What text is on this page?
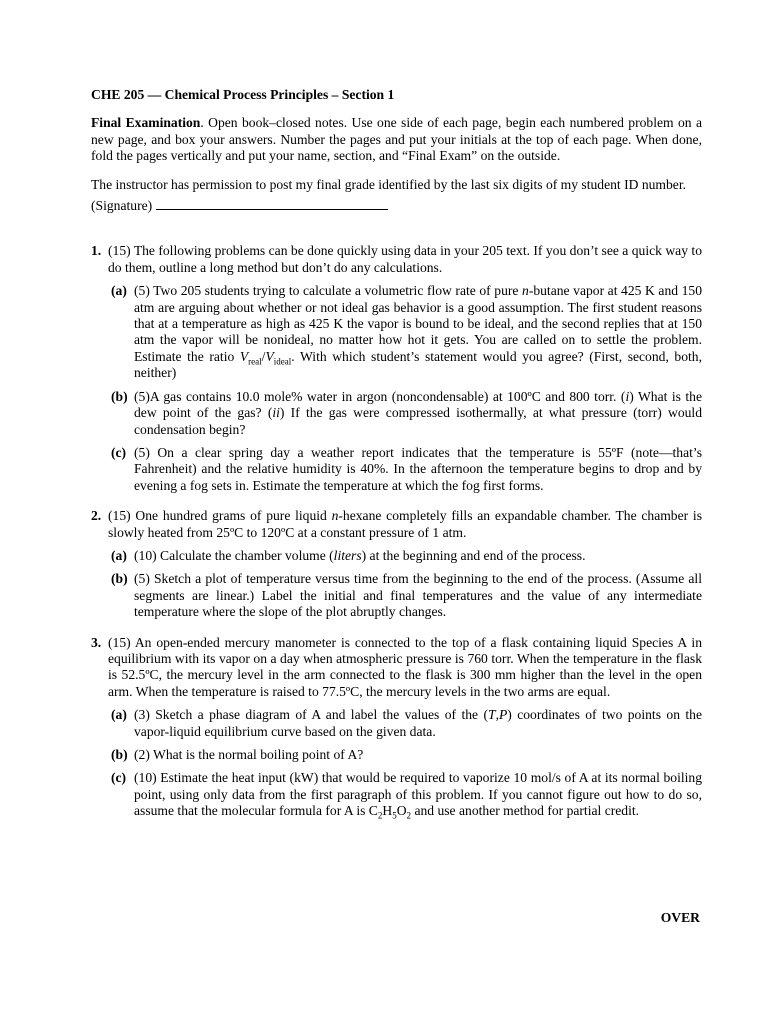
CHE 205 — Chemical Process Principles – Section 1

Final Examination. Open book–closed notes. Use one side of each page, begin each numbered problem on a new page, and box your answers. Number the pages and put your initials at the top of each page. When done, fold the pages vertically and put your name, section, and “Final Exam” on the outside.

The instructor has permission to post my final grade identified by the last six digits of my student ID number.

(Signature)

1. (15) The following problems can be done quickly using data in your 205 text. If you don’t see a quick way to do them, outline a long method but don’t do any calculations.
(a) (5) Two 205 students trying to calculate a volumetric flow rate of pure n-butane vapor at 425 K and 150 atm are arguing about whether or not ideal gas behavior is a good assumption. The first student reasons that at a temperature as high as 425 K the vapor is bound to be ideal, and the second replies that at 150 atm the vapor will be nonideal, no matter how hot it gets. You are called on to settle the problem. Estimate the ratio $V_{real}/V_{ideal}$. With which student’s statement would you agree? (First, second, both, neither)
(b) (5)A gas contains 10.0 mole% water in argon (noncondensable) at 100ºC and 800 torr. (i) What is the dew point of the gas? (ii) If the gas were compressed isothermally, at what pressure (torr) would condensation begin?
(c) (5) On a clear spring day a weather report indicates that the temperature is 55ºF (note—that’s Fahrenheit) and the relative humidity is 40%. In the afternoon the temperature begins to drop and by evening a fog sets in. Estimate the temperature at which the fog first forms.
2. (15) One hundred grams of pure liquid n-hexane completely fills an expandable chamber. The chamber is slowly heated from 25ºC to 120ºC at a constant pressure of 1 atm.
(a) (10) Calculate the chamber volume (liters) at the beginning and end of the process.
(b) (5) Sketch a plot of temperature versus time from the beginning to the end of the process. (Assume all segments are linear.) Label the initial and final temperatures and the value of any intermediate temperature where the slope of the plot abruptly changes.
3. (15) An open-ended mercury manometer is connected to the top of a flask containing liquid Species A in equilibrium with its vapor on a day when atmospheric pressure is 760 torr. When the temperature in the flask is 52.5ºC, the mercury level in the arm connected to the flask is 300 mm higher than the level in the open arm. When the temperature is raised to 77.5ºC, the mercury levels in the two arms are equal.
(a) (3) Sketch a phase diagram of A and label the values of the (T,P) coordinates of two points on the vapor-liquid equilibrium curve based on the given data.
(b) (2) What is the normal boiling point of A?
(c) (10) Estimate the heat input (kW) that would be required to vaporize 10 mol/s of A at its normal boiling point, using only data from the first paragraph of this problem. If you cannot figure out how to do so, assume that the molecular formula for A is $C_2H_5O_2$ and use another method for partial credit.
OVER
